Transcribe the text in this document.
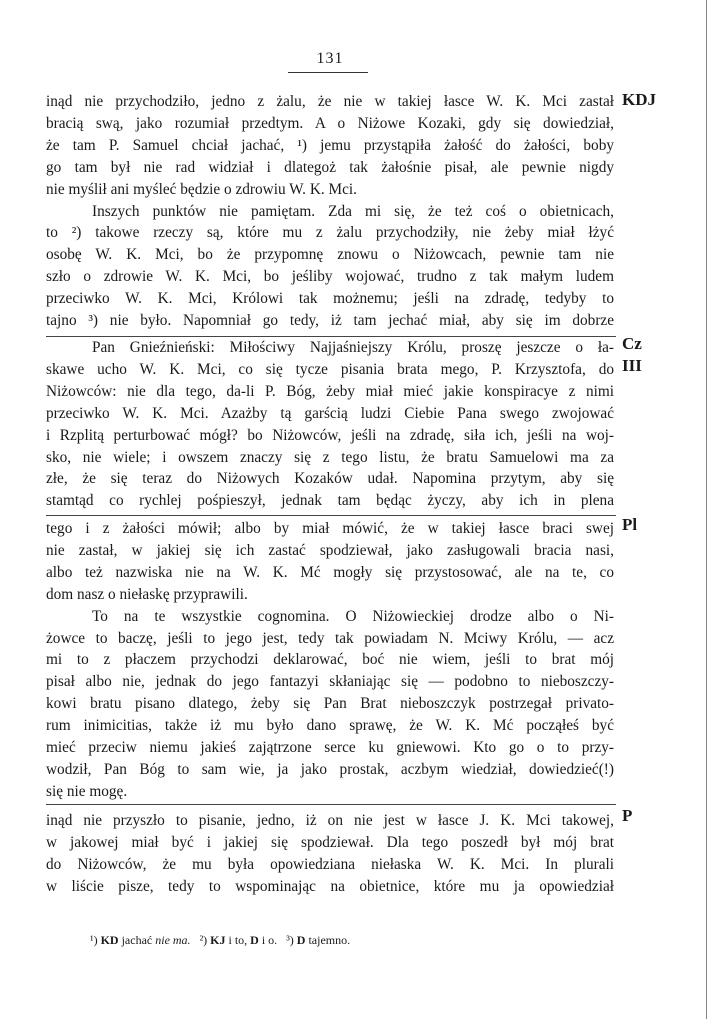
131
KDJ
inąd nie przychodziło, jedno z żalu, że nie w takiej łasce W. K. Mci zastał
bracią swą, jako rozumiał przedtym. A o Niżowe Kozaki, gdy się dowiedział,
że tam P. Samuel chciał jachać, ¹) jemu przystąpiła żałość do żałości, boby
go tam był nie rad widział i dlategoż tak żałośnie pisał, ale pewnie nigdy
nie myślił ani myśleć będzie o zdrowiu W. K. Mci.
Inszych punktów nie pamiętam. Zda mi się, że też coś o obietnicach,
to ²) takowe rzeczy są, które mu z żalu przychodziły, nie żeby miał łżyć
osobę W. K. Mci, bo że przypomnę znowu o Niżowcach, pewnie tam nie
szło o zdrowie W. K. Mci, bo jeśliby wojować, trudno z tak małym ludem
przeciwko W. K. Mci, Królowi tak możnemu; jeśli na zdradę, tedyby to
tajno ³) nie było. Napomniał go tedy, iż tam jechać miał, aby się im dobrze
Cz III
Pan Gnieźnieński: Miłościwy Najjaśniejszy Królu, proszę jeszcze o ła-
skawe ucho W. K. Mci, co się tycze pisania brata mego, P. Krzysztofa, do
Niżowców: nie dla tego, da-li P. Bóg, żeby miał mieć jakie konspiracye z nimi
przeciwko W. K. Mci. Azażby tą garścią ludzi Ciebie Pana swego zwojować
i Rzplitą perturbować mógł? bo Niżowców, jeśli na zdradę, siła ich, jeśli na woj-
sko, nie wiele; i owszem znaczy się z tego listu, że bratu Samuelowi ma za
złe, że się teraz do Niżowych Kozaków udał. Napomina przytym, aby się
stamtąd co rychlej pośpieszył, jednak tam będąc życzy, aby ich in plena
Pl
tego i z żałości mówił; albo by miał mówić, że w takiej łasce braci swej
nie zastał, w jakiej się ich zastać spodziewał, jako zasługowali bracia nasi,
albo też nazwiska nie na W. K. Mć mogły się przystosować, ale na te, co
dom nasz o niełaskę przyprawili.
To na te wszystkie cognomina. O Niżowieckiej drodze albo o Ni-
żowce to baczę, jeśli to jego jest, tedy tak powiadam N. Mciwy Królu, — acz
mi to z płaczem przychodzi deklarować, boć nie wiem, jeśli to brat mój
pisał albo nie, jednak do jego fantazyi skłaniając się — podobno to nieboszczy-
kowi bratu pisano dlatego, żeby się Pan Brat nieboszczyk postrzegał privato-
rum inimicitias, także iż mu było dano sprawę, że W. K. Mć począłeś być
mieć przeciw niemu jakieś zajątrzone serce ku gniewowi. Kto go o to przy-
wodził, Pan Bóg to sam wie, ja jako prostak, aczbym wiedział, dowiedzieć(!)
się nie mogę.
P
inąd nie przyszło to pisanie, jedno, iż on nie jest w łasce J. K. Mci takowej,
w jakowej miał być i jakiej się spodziewał. Dla tego poszedł był mój brat
do Niżowców, że mu była opowiedziana niełaska W. K. Mci. In plurali
w liście pisze, tedy to wspominając na obietnice, które mu ja opowiedział
¹) KD jachać nie ma. ²) KJ i to, D i o. ³) D tajemno.
